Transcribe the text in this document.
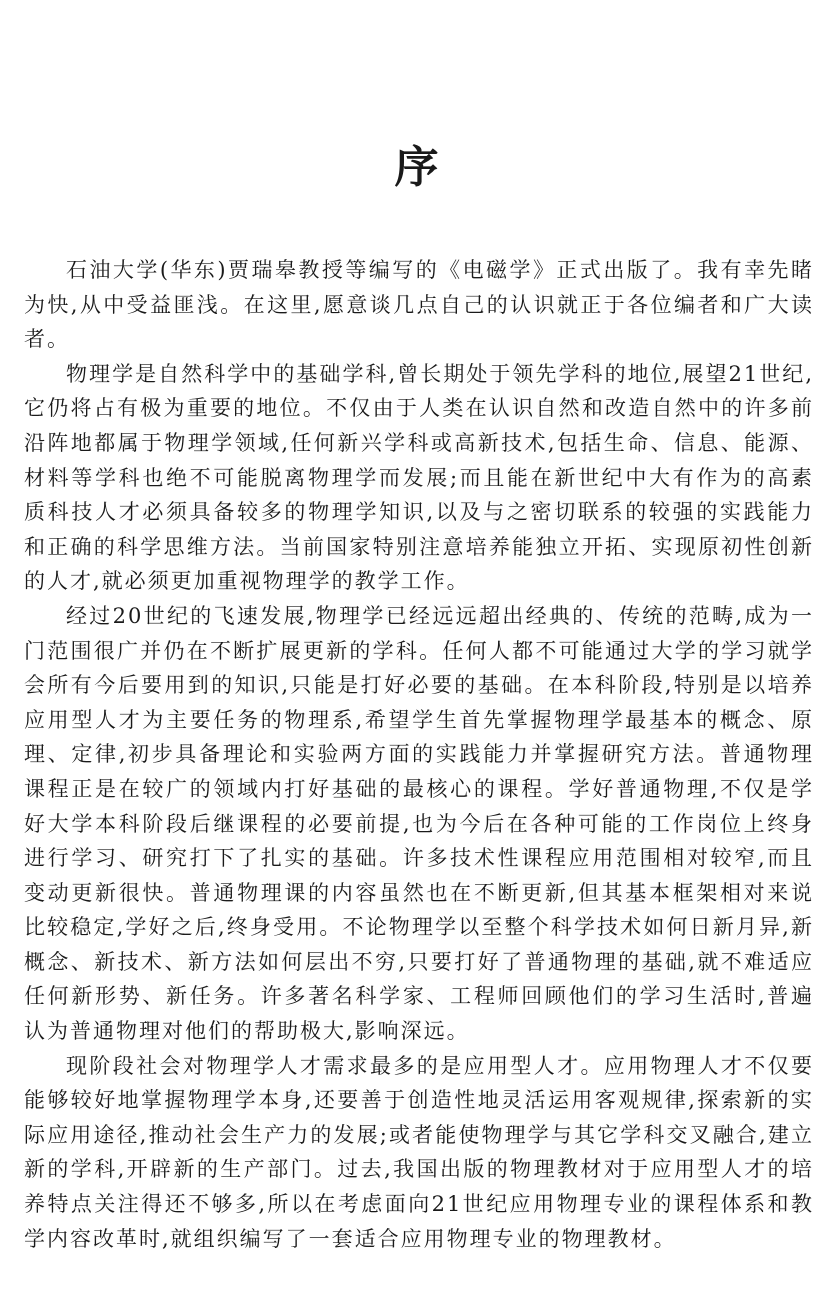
序

石油大学(华东)贾瑞皋教授等编写的《电磁学》正式出版了。我有幸先睹为快,从中受益匪浅。在这里,愿意谈几点自己的认识就正于各位编者和广大读者。

物理学是自然科学中的基础学科,曾长期处于领先学科的地位,展望21世纪,它仍将占有极为重要的地位。不仅由于人类在认识自然和改造自然中的许多前沿阵地都属于物理学领域,任何新兴学科或高新技术,包括生命、信息、能源、材料等学科也绝不可能脱离物理学而发展;而且能在新世纪中大有作为的高素质科技人才必须具备较多的物理学知识,以及与之密切联系的较强的实践能力和正确的科学思维方法。当前国家特别注意培养能独立开拓、实现原初性创新的人才,就必须更加重视物理学的教学工作。

经过20世纪的飞速发展,物理学已经远远超出经典的、传统的范畴,成为一门范围很广并仍在不断扩展更新的学科。任何人都不可能通过大学的学习就学会所有今后要用到的知识,只能是打好必要的基础。在本科阶段,特别是以培养应用型人才为主要任务的物理系,希望学生首先掌握物理学最基本的概念、原理、定律,初步具备理论和实验两方面的实践能力并掌握研究方法。普通物理课程正是在较广的领域内打好基础的最核心的课程。学好普通物理,不仅是学好大学本科阶段后继课程的必要前提,也为今后在各种可能的工作岗位上终身进行学习、研究打下了扎实的基础。许多技术性课程应用范围相对较窄,而且变动更新很快。普通物理课的内容虽然也在不断更新,但其基本框架相对来说比较稳定,学好之后,终身受用。不论物理学以至整个科学技术如何日新月异,新概念、新技术、新方法如何层出不穷,只要打好了普通物理的基础,就不难适应任何新形势、新任务。许多著名科学家、工程师回顾他们的学习生活时,普遍认为普通物理对他们的帮助极大,影响深远。

现阶段社会对物理学人才需求最多的是应用型人才。应用物理人才不仅要能够较好地掌握物理学本身,还要善于创造性地灵活运用客观规律,探索新的实际应用途径,推动社会生产力的发展;或者能使物理学与其它学科交叉融合,建立新的学科,开辟新的生产部门。过去,我国出版的物理教材对于应用型人才的培养特点关注得还不够多,所以在考虑面向21世纪应用物理专业的课程体系和教学内容改革时,就组织编写了一套适合应用物理专业的物理教材。
